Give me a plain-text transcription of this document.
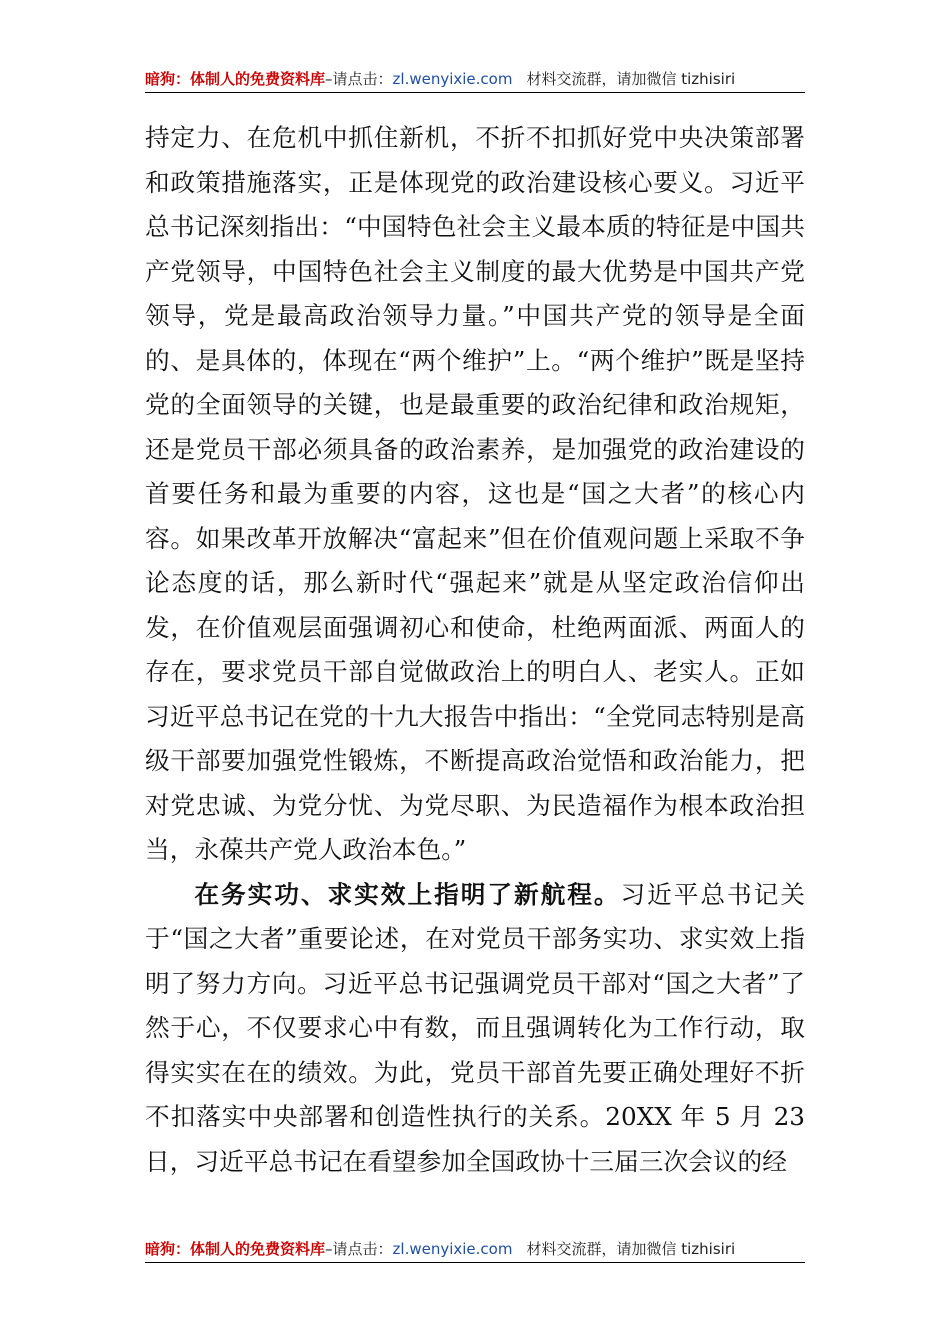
暗狗：体制人的免费资料库–请点击：zl.wenyixie.com 材料交流群，请加微信 tizhisiri

持定力、在危机中抓住新机，不折不扣抓好党中央决策部署和政策措施落实，正是体现党的政治建设核心要义。习近平总书记深刻指出：“中国特色社会主义最本质的特征是中国共产党领导，中国特色社会主义制度的最大优势是中国共产党领导，党是最高政治领导力量。”中国共产党的领导是全面的、是具体的，体现在“两个维护”上。“两个维护”既是坚持党的全面领导的关键，也是最重要的政治纪律和政治规矩，还是党员干部必须具备的政治素养，是加强党的政治建设的首要任务和最为重要的内容，这也是“国之大者”的核心内容。如果改革开放解决“富起来”但在价值观问题上采取不争论态度的话，那么新时代“强起来”就是从坚定政治信仰出发，在价值观层面强调初心和使命，杜绝两面派、两面人的存在，要求党员干部自觉做政治上的明白人、老实人。正如习近平总书记在党的十九大报告中指出：“全党同志特别是高级干部要加强党性锻炼，不断提高政治觉悟和政治能力，把对党忠诚、为党分忧、为党尽职、为民造福作为根本政治担当，永葆共产党人政治本色。”

在务实功、求实效上指明了新航程。习近平总书记关于“国之大者”重要论述，在对党员干部务实功、求实效上指明了努力方向。习近平总书记强调党员干部对“国之大者”了然于心，不仅要求心中有数，而且强调转化为工作行动，取得实实在在的绩效。为此，党员干部首先要正确处理好不折不扣落实中央部署和创造性执行的关系。20XX 年 5 月 23 日，习近平总书记在看望参加全国政协十三届三次会议的经

暗狗：体制人的免费资料库–请点击：zl.wenyixie.com 材料交流群，请加微信 tizhisiri
